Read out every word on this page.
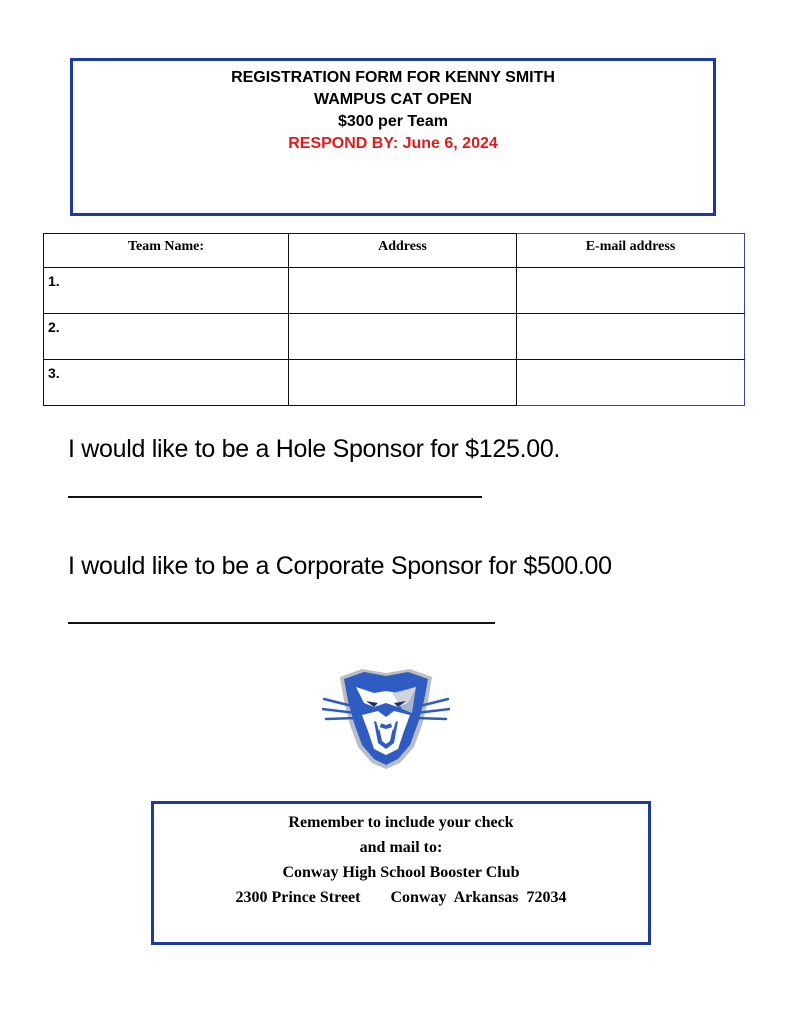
REGISTRATION FORM FOR KENNY SMITH
WAMPUS CAT OPEN
$300 per Team
RESPOND BY: June 6, 2024
Team Name:	Address	E-mail address

1.		

2.		

3.		

I would like to be a Hole Sponsor for $125.00.
I would like to be a Corporate Sponsor for $500.00
Remember to include your check
and mail to:
Conway High School Booster Club
2300 Prince Street Conway  Arkansas  72034
